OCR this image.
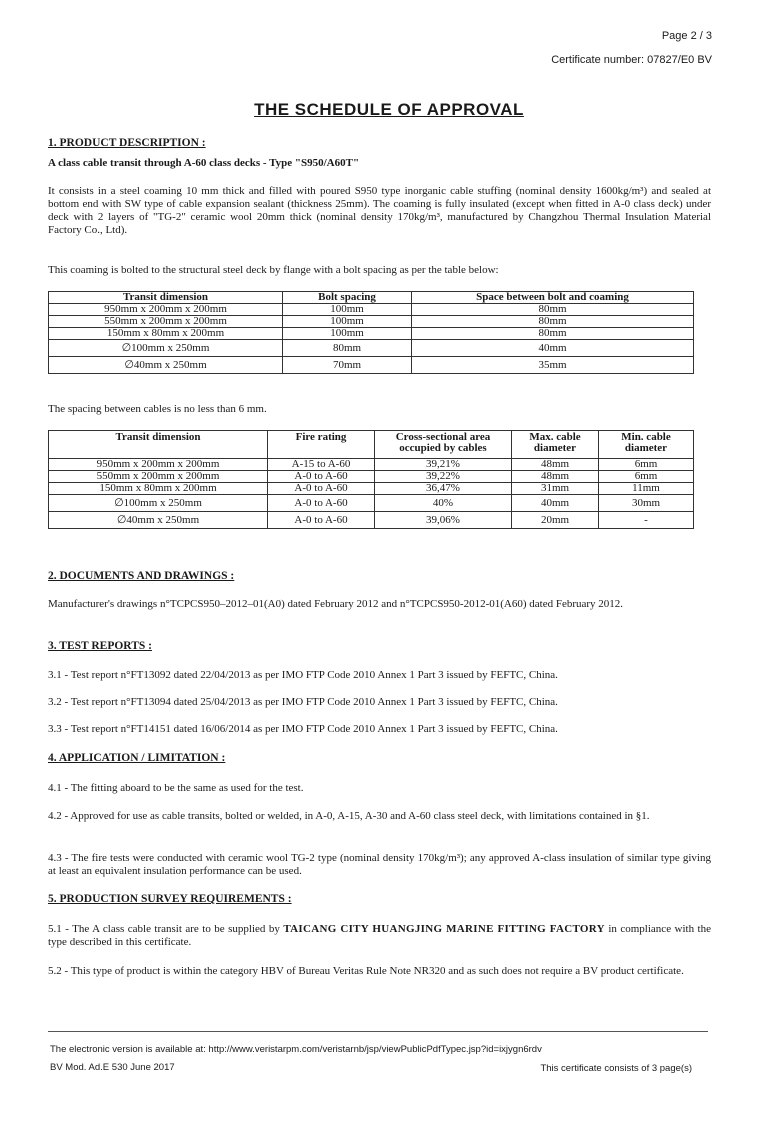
Page 2 / 3
Certificate number: 07827/E0 BV
THE SCHEDULE OF APPROVAL
1. PRODUCT DESCRIPTION :
A class cable transit through A-60 class decks - Type "S950/A60T"
It consists in a steel coaming 10 mm thick and filled with poured S950 type inorganic cable stuffing (nominal density 1600kg/m³) and sealed at bottom end with SW type of cable expansion sealant (thickness 25mm). The coaming is fully insulated (except when fitted in A-0 class deck) under deck with 2 layers of "TG-2" ceramic wool 20mm thick (nominal density 170kg/m³, manufactured by Changzhou Thermal Insulation Material Factory Co., Ltd).
This coaming is bolted to the structural steel deck by flange with a bolt spacing as per the table below:
Transit dimension	Bolt spacing	Space between bolt and coaming
950mm x 200mm x 200mm	100mm	80mm
550mm x 200mm x 200mm	100mm	80mm
150mm x 80mm x 200mm	100mm	80mm
∅100mm x 250mm	80mm	40mm
∅40mm x 250mm	70mm	35mm
The spacing between cables is no less than 6 mm.
Transit dimension	Fire rating	Cross-sectional area occupied by cables	Max. cable diameter	Min. cable diameter
950mm x 200mm x 200mm	A-15 to A-60	39,21%	48mm	6mm
550mm x 200mm x 200mm	A-0 to A-60	39,22%	48mm	6mm
150mm x 80mm x 200mm	A-0 to A-60	36,47%	31mm	11mm
∅100mm x 250mm	A-0 to A-60	40%	40mm	30mm
∅40mm x 250mm	A-0 to A-60	39,06%	20mm	-
2. DOCUMENTS AND DRAWINGS :
Manufacturer's drawings n°TCPCS950–2012–01(A0) dated February 2012 and n°TCPCS950-2012-01(A60) dated February 2012.
3. TEST REPORTS :
3.1 - Test report n°FT13092 dated 22/04/2013 as per IMO FTP Code 2010 Annex 1 Part 3 issued by FEFTC, China.
3.2 - Test report n°FT13094 dated 25/04/2013 as per IMO FTP Code 2010 Annex 1 Part 3 issued by FEFTC, China.
3.3 - Test report n°FT14151 dated 16/06/2014 as per IMO FTP Code 2010 Annex 1 Part 3 issued by FEFTC, China.
4. APPLICATION / LIMITATION :
4.1 - The fitting aboard to be the same as used for the test.
4.2 - Approved for use as cable transits, bolted or welded, in A-0, A-15, A-30 and A-60 class steel deck, with limitations contained in §1.
4.3 - The fire tests were conducted with ceramic wool TG-2 type (nominal density 170kg/m³); any approved A-class insulation of similar type giving at least an equivalent insulation performance can be used.
5. PRODUCTION SURVEY REQUIREMENTS :
5.1 - The A class cable transit are to be supplied by TAICANG CITY HUANGJING MARINE FITTING FACTORY in compliance with the type described in this certificate.
5.2 - This type of product is within the category HBV of Bureau Veritas Rule Note NR320 and as such does not require a BV product certificate.
The electronic version is available at: http://www.veristarpm.com/veristarnb/jsp/viewPublicPdfTypec.jsp?id=ixjygn6rdv
BV Mod. Ad.E 530 June 2017	This certificate consists of 3 page(s)
